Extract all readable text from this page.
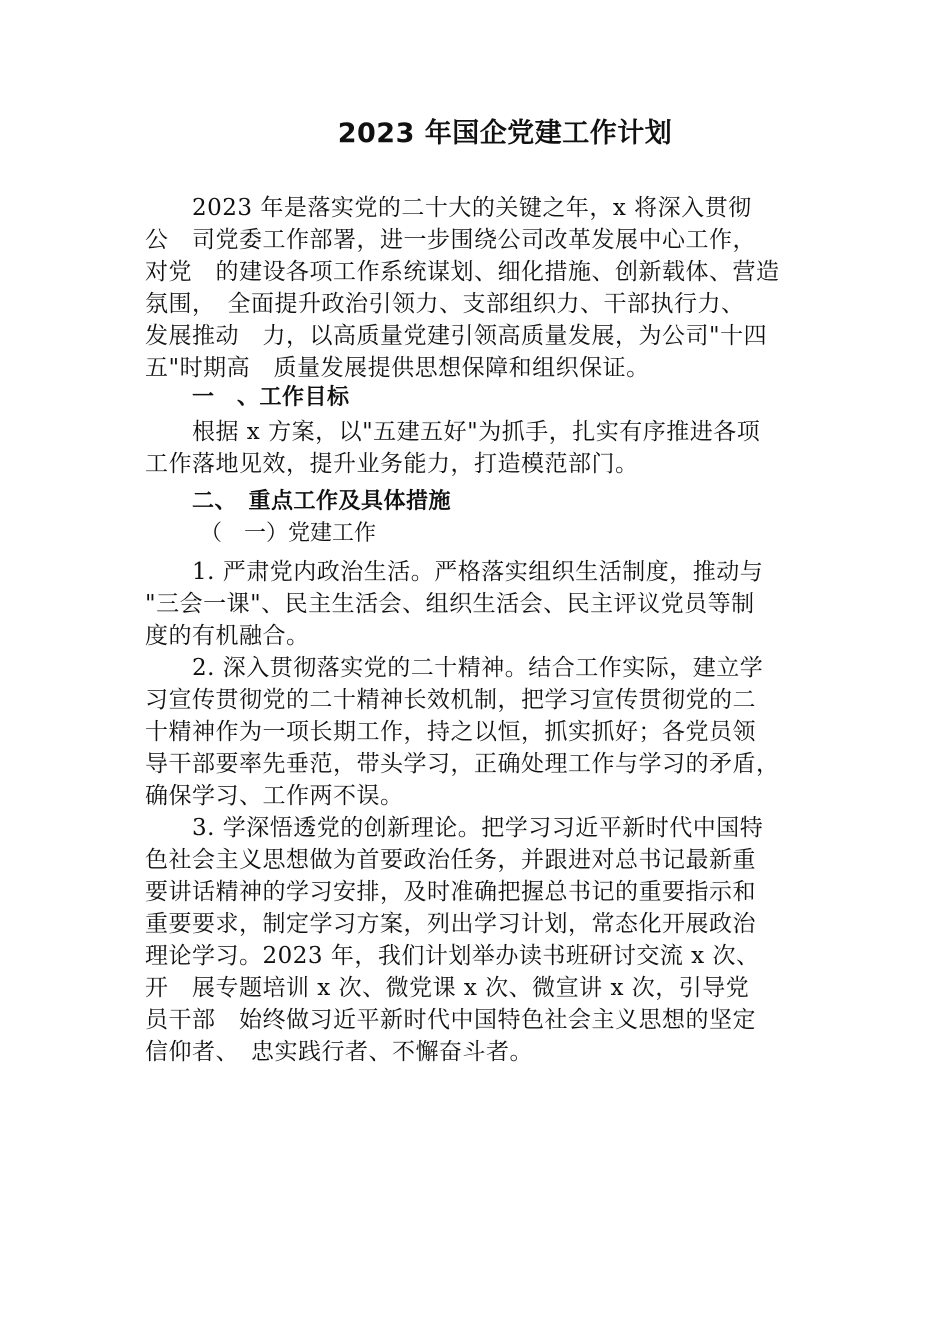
2023 年国企党建工作计划
　　2023 年是落实党的二十大的关键之年，x 将深入贯彻
公　司党委工作部署，进一步围绕公司改革发展中心工作，
对党　的建设各项工作系统谋划、细化措施、创新载体、营造
氛围，　全面提升政治引领力、支部组织力、干部执行力、
发展推动　力，以高质量党建引领高质量发展，为公司"十四
五"时期高　质量发展提供思想保障和组织保证。
一　、工作目标
　　根据 x 方案，以"五建五好"为抓手，扎实有序推进各项
工作落地见效，提升业务能力，打造模范部门。
二、　重点工作及具体措施
（　一）党建工作
　　1. 严肃党内政治生活。严格落实组织生活制度，推动与
"三会一课"、民主生活会、组织生活会、民主评议党员等制
度的有机融合。
　　2. 深入贯彻落实党的二十精神。结合工作实际，建立学
习宣传贯彻党的二十精神长效机制，把学习宣传贯彻党的二
十精神作为一项长期工作，持之以恒，抓实抓好；各党员领
导干部要率先垂范，带头学习，正确处理工作与学习的矛盾，
确保学习、工作两不误。
　　3. 学深悟透党的创新理论。把学习习近平新时代中国特
色社会主义思想做为首要政治任务，并跟进对总书记最新重
要讲话精神的学习安排，及时准确把握总书记的重要指示和
重要要求，制定学习方案，列出学习计划，常态化开展政治
理论学习。2023 年，我们计划举办读书班研讨交流 x 次、
开　展专题培训 x 次、微党课 x 次、微宣讲 x 次，引导党
员干部　始终做习近平新时代中国特色社会主义思想的坚定
信仰者、　忠实践行者、不懈奋斗者。
